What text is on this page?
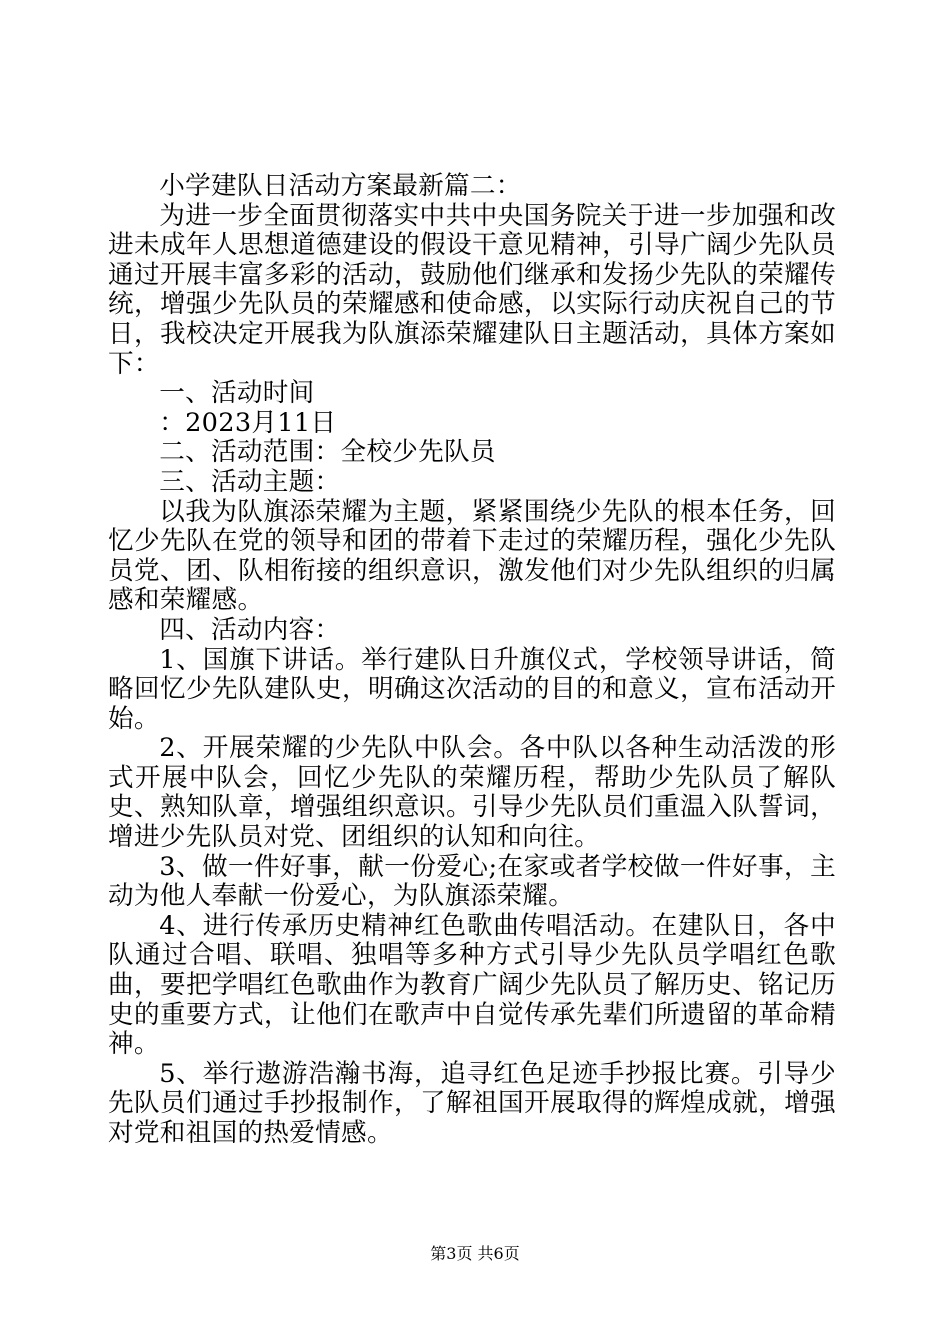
小学建队日活动方案最新篇二：

为进一步全面贯彻落实中共中央国务院关于进一步加强和改进未成年人思想道德建设的假设干意见精神，引导广阔少先队员通过开展丰富多彩的活动，鼓励他们继承和发扬少先队的荣耀传统，增强少先队员的荣耀感和使命感，以实际行动庆祝自己的节日，我校决定开展我为队旗添荣耀建队日主题活动，具体方案如下：

一、活动时间

：2023月11日

二、活动范围：全校少先队员

三、活动主题：

以我为队旗添荣耀为主题，紧紧围绕少先队的根本任务，回忆少先队在党的领导和团的带着下走过的荣耀历程，强化少先队员党、团、队相衔接的组织意识，激发他们对少先队组织的归属感和荣耀感。

四、活动内容：

1、国旗下讲话。举行建队日升旗仪式，学校领导讲话，简略回忆少先队建队史，明确这次活动的目的和意义，宣布活动开始。

2、开展荣耀的少先队中队会。各中队以各种生动活泼的形式开展中队会，回忆少先队的荣耀历程，帮助少先队员了解队史、熟知队章，增强组织意识。引导少先队员们重温入队誓词，增进少先队员对党、团组织的认知和向往。

3、做一件好事，献一份爱心;在家或者学校做一件好事，主动为他人奉献一份爱心，为队旗添荣耀。

4、进行传承历史精神红色歌曲传唱活动。在建队日，各中队通过合唱、联唱、独唱等多种方式引导少先队员学唱红色歌曲，要把学唱红色歌曲作为教育广阔少先队员了解历史、铭记历史的重要方式，让他们在歌声中自觉传承先辈们所遗留的革命精神。

5、举行遨游浩瀚书海，追寻红色足迹手抄报比赛。引导少先队员们通过手抄报制作，了解祖国开展取得的辉煌成就，增强对党和祖国的热爱情感。

第3页 共6页
